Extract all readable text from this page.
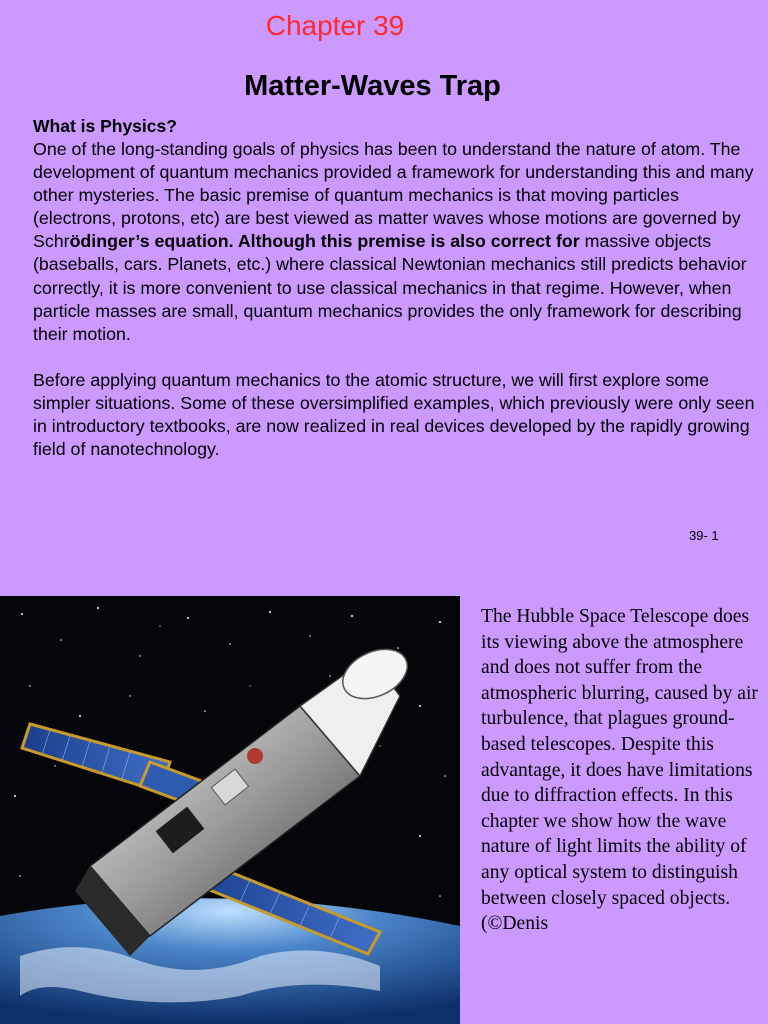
Chapter 39
Matter-Waves Trap
What is Physics?

One of the long-standing goals of physics has been to understand the nature of atom. The development of quantum mechanics provided a framework for understanding this and many other mysteries. The basic premise of quantum mechanics is that moving particles (electrons, protons, etc) are best viewed as matter waves whose motions are governed by Schrödinger’s equation. Although this premise is also correct for massive objects (baseballs, cars. Planets, etc.) where classical Newtonian mechanics still predicts behavior correctly, it is more convenient to use classical mechanics in that regime. However, when particle masses are small, quantum mechanics provides the only framework for describing their motion.

Before applying quantum mechanics to the atomic structure, we will first explore some simpler situations. Some of these oversimplified examples, which previously were only seen in introductory textbooks, are now realized in real devices developed by the rapidly growing field of nanotechnology.

39- 1

The Hubble Space Telescope does its viewing above the atmosphere and does not suffer from the atmospheric blurring, caused by air turbulence, that plagues ground-based telescopes. Despite this advantage, it does have limitations due to diffraction effects. In this chapter we show how the wave nature of light limits the ability of any optical system to distinguish between closely spaced objects. (©Denis
